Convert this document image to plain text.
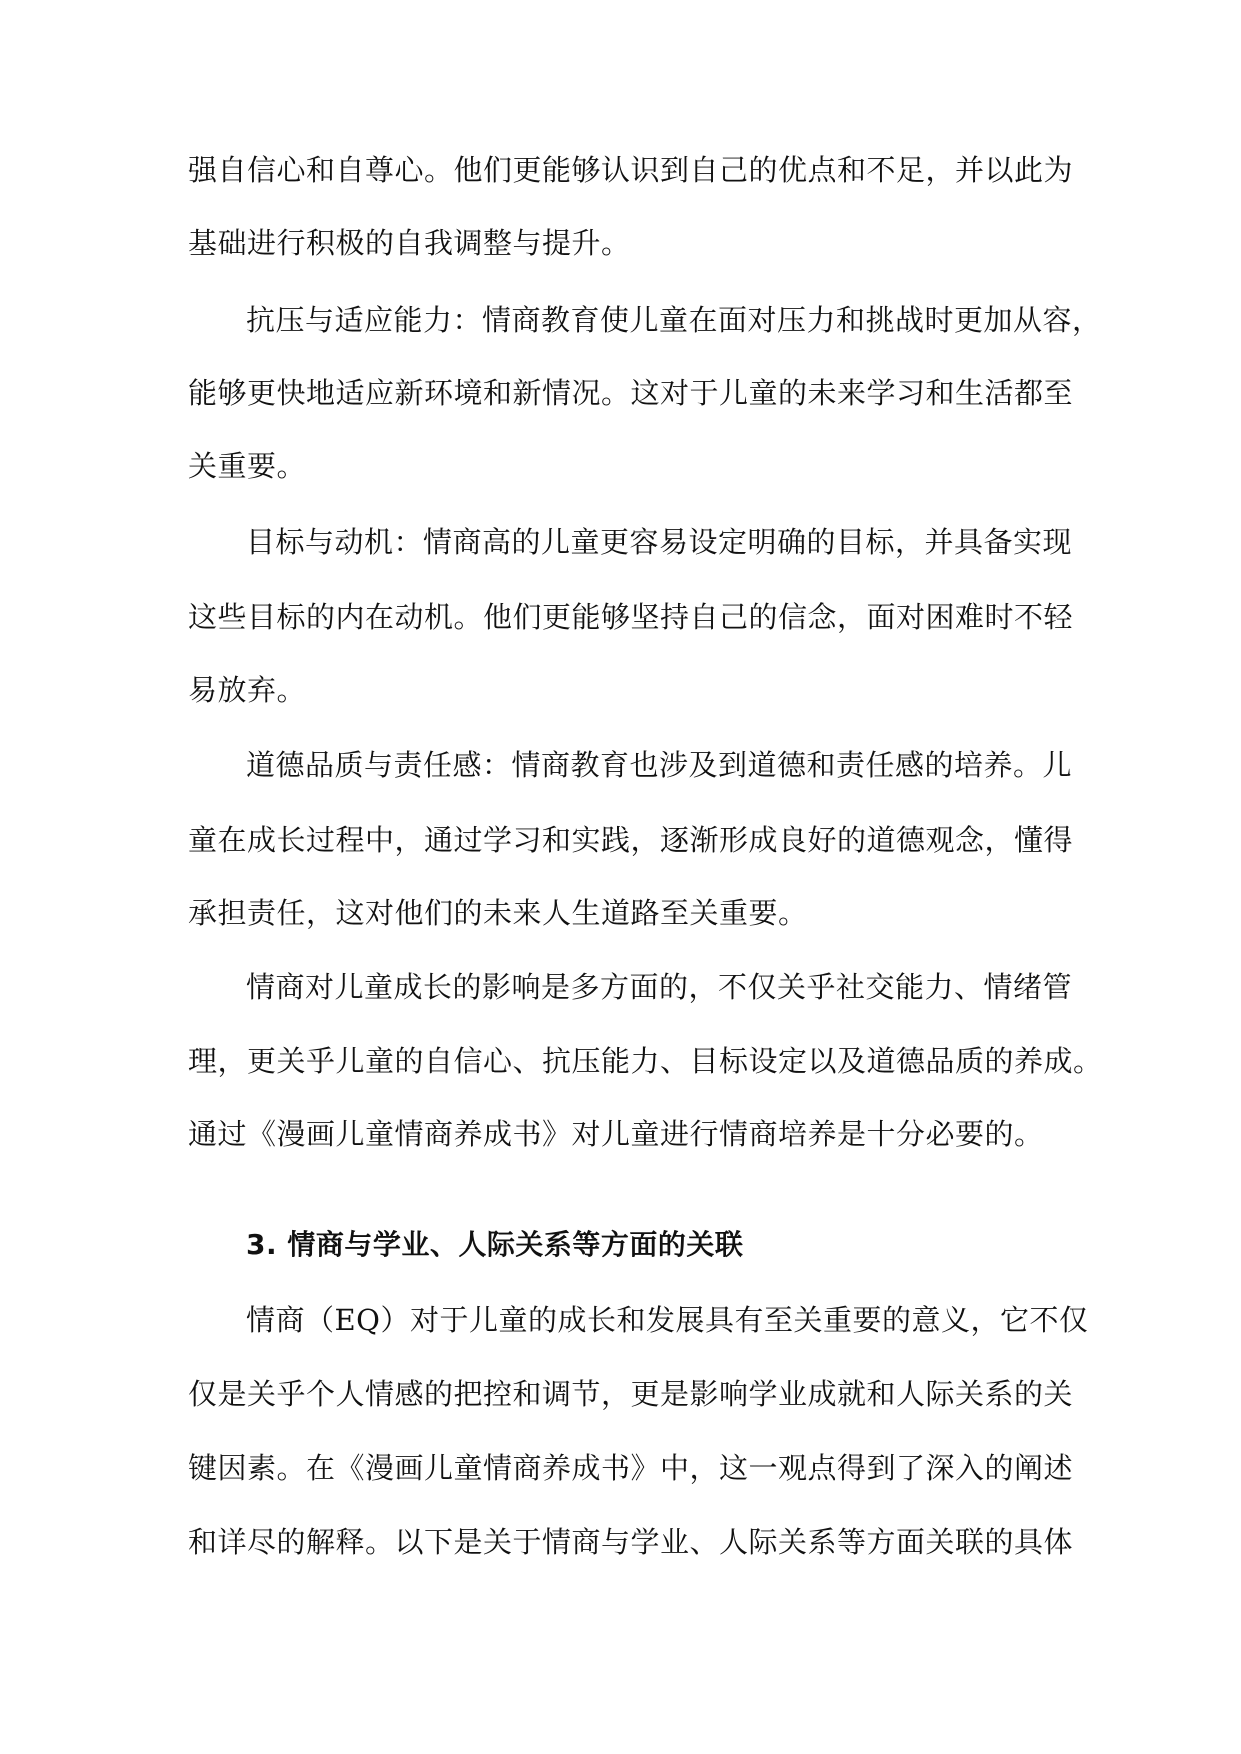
强自信心和自尊心。他们更能够认识到自己的优点和不足，并以此为
基础进行积极的自我调整与提升。
抗压与适应能力：情商教育使儿童在面对压力和挑战时更加从容，
能够更快地适应新环境和新情况。这对于儿童的未来学习和生活都至
关重要。
目标与动机：情商高的儿童更容易设定明确的目标，并具备实现
这些目标的内在动机。他们更能够坚持自己的信念，面对困难时不轻
易放弃。
道德品质与责任感：情商教育也涉及到道德和责任感的培养。儿
童在成长过程中，通过学习和实践，逐渐形成良好的道德观念，懂得
承担责任，这对他们的未来人生道路至关重要。
情商对儿童成长的影响是多方面的，不仅关乎社交能力、情绪管
理，更关乎儿童的自信心、抗压能力、目标设定以及道德品质的养成。
通过《漫画儿童情商养成书》对儿童进行情商培养是十分必要的。
3. 情商与学业、人际关系等方面的关联
情商（EQ）对于儿童的成长和发展具有至关重要的意义，它不仅
仅是关乎个人情感的把控和调节，更是影响学业成就和人际关系的关
键因素。在《漫画儿童情商养成书》中，这一观点得到了深入的阐述
和详尽的解释。以下是关于情商与学业、人际关系等方面关联的具体
